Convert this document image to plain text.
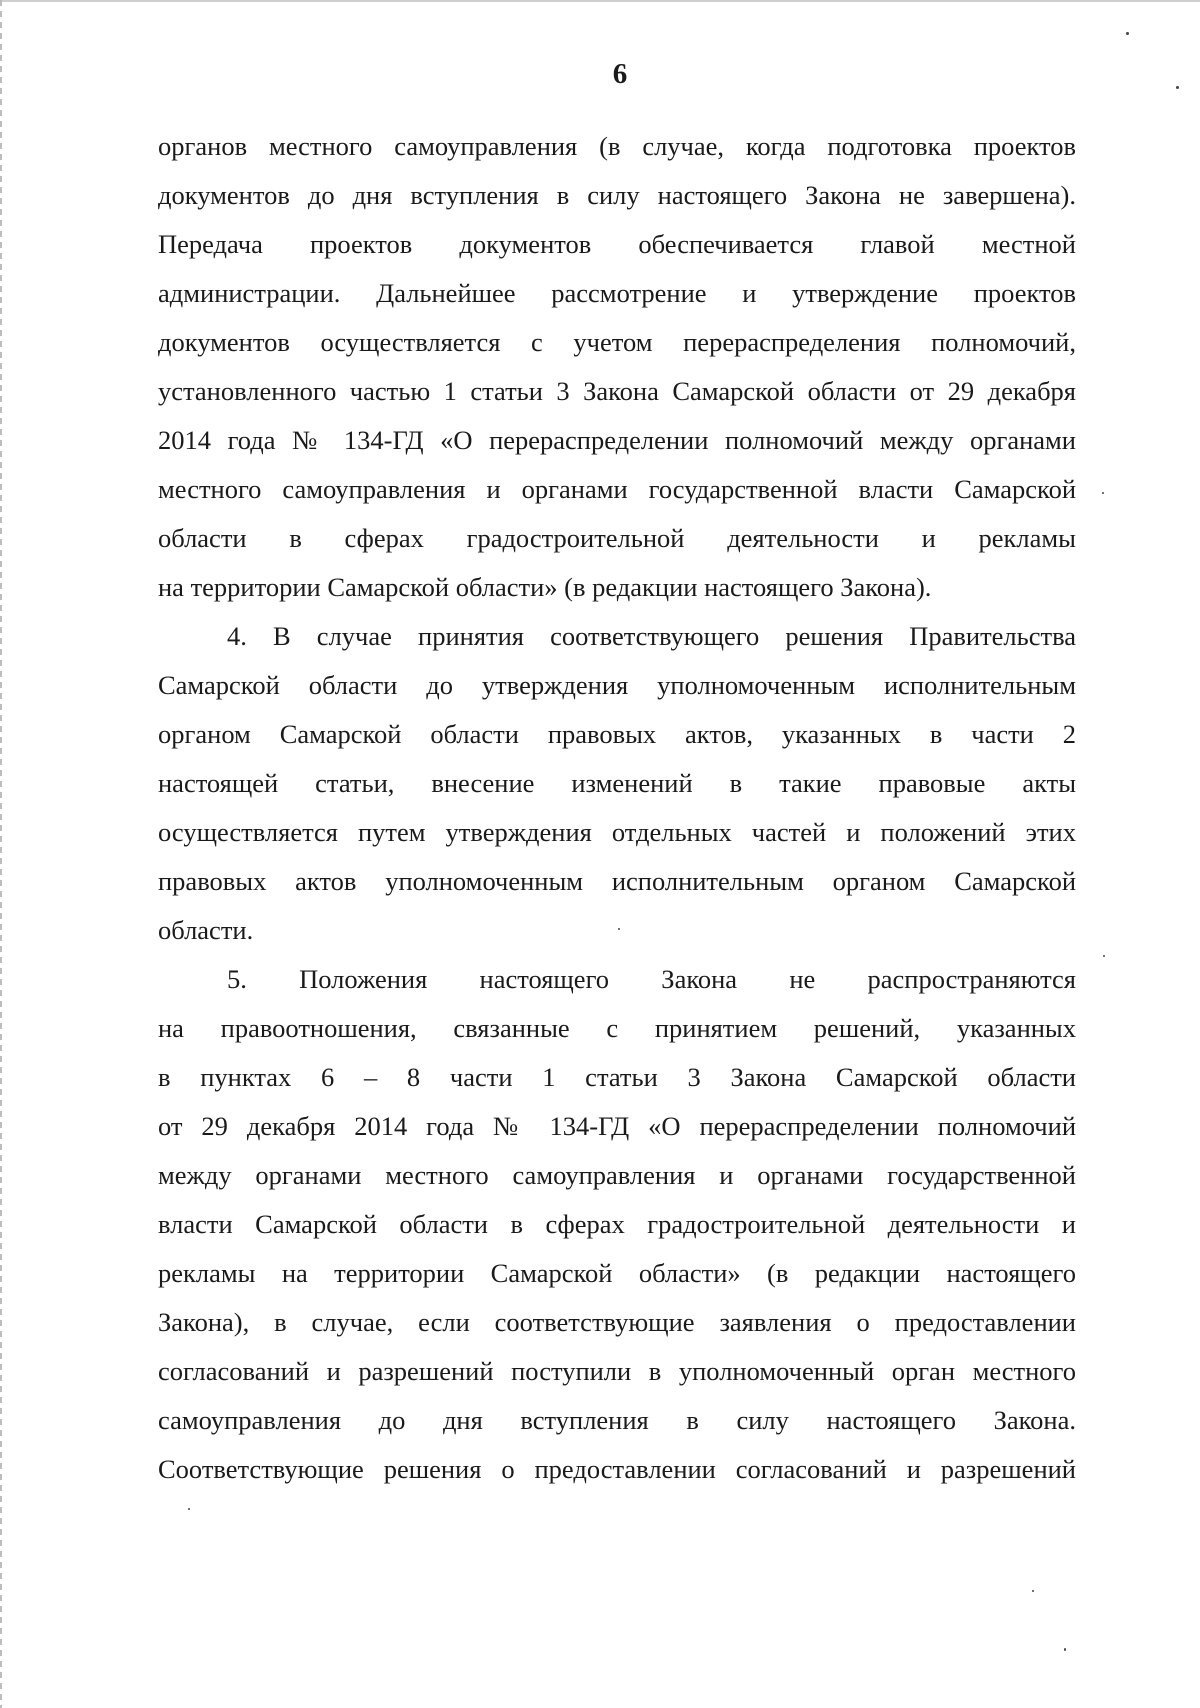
6
органов местного самоуправления (в случае, когда подготовка проектов
документов до дня вступления в силу настоящего Закона не завершена).
Передача проектов документов обеспечивается главой местной
администрации. Дальнейшее рассмотрение и утверждение проектов
документов осуществляется с учетом перераспределения полномочий,
установленного частью 1 статьи 3 Закона Самарской области от 29 декабря
2014 года № 134-ГД «О перераспределении полномочий между органами
местного самоуправления и органами государственной власти Самарской
области в сферах градостроительной деятельности и рекламы
на территории Самарской области» (в редакции настоящего Закона).
4. В случае принятия соответствующего решения Правительства
Самарской области до утверждения уполномоченным исполнительным
органом Самарской области правовых актов, указанных в части 2
настоящей статьи, внесение изменений в такие правовые акты
осуществляется путем утверждения отдельных частей и положений этих
правовых актов уполномоченным исполнительным органом Самарской
области.
5. Положения настоящего Закона не распространяются
на правоотношения, связанные с принятием решений, указанных
в пунктах 6 – 8 части 1 статьи 3 Закона Самарской области
от 29 декабря 2014 года № 134-ГД «О перераспределении полномочий
между органами местного самоуправления и органами государственной
власти Самарской области в сферах градостроительной деятельности и
рекламы на территории Самарской области» (в редакции настоящего
Закона), в случае, если соответствующие заявления о предоставлении
согласований и разрешений поступили в уполномоченный орган местного
самоуправления до дня вступления в силу настоящего Закона.
Соответствующие решения о предоставлении согласований и разрешений
